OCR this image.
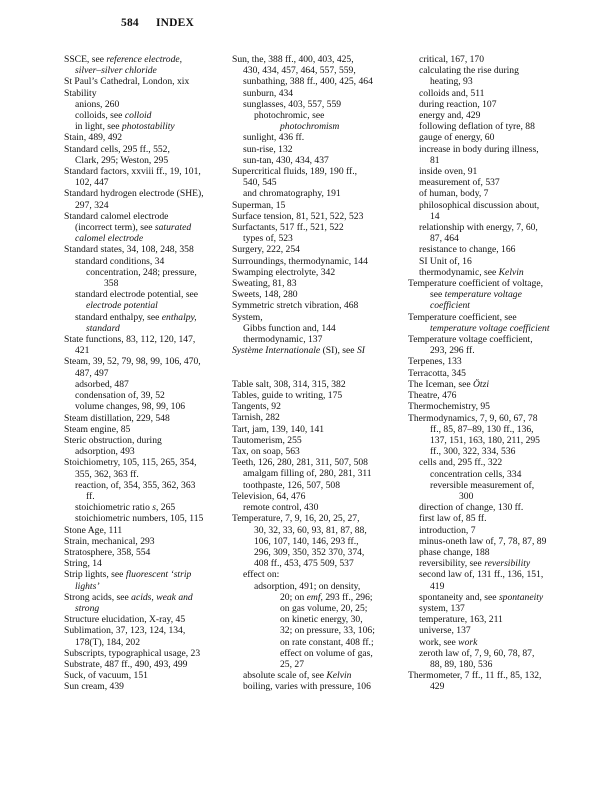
584 INDEX
SSCE, see reference electrode,
silver–silver chloride
St Paul’s Cathedral, London, xix
Stability
anions, 260
colloids, see colloid
in light, see photostability
Stain, 489, 492
Standard cells, 295 ff., 552,
Clark, 295; Weston, 295
Standard factors, xxviii ff., 19, 101,
102, 447
Standard hydrogen electrode (SHE),
297, 324
Standard calomel electrode
(incorrect term), see saturated
calomel electrode
Standard states, 34, 108, 248, 358
standard conditions, 34
concentration, 248; pressure,
358
standard electrode potential, see
electrode potential
standard enthalpy, see enthalpy,
standard
State functions, 83, 112, 120, 147,
421
Steam, 39, 52, 79, 98, 99, 106, 470,
487, 497
adsorbed, 487
condensation of, 39, 52
volume changes, 98, 99, 106
Steam distillation, 229, 548
Steam engine, 85
Steric obstruction, during
adsorption, 493
Stoichiometry, 105, 115, 265, 354,
355, 362, 363 ff.
reaction, of, 354, 355, 362, 363
ff.
stoichiometric ratio s, 265
stoichiometric numbers, 105, 115
Stone Age, 111
Strain, mechanical, 293
Stratosphere, 358, 554
String, 14
Strip lights, see fluorescent ‘strip
lights’
Strong acids, see acids, weak and
strong
Structure elucidation, X-ray, 45
Sublimation, 37, 123, 124, 134,
178(T), 184, 202
Subscripts, typographical usage, 23
Substrate, 487 ff., 490, 493, 499
Suck, of vacuum, 151
Sun cream, 439
Sun, the, 388 ff., 400, 403, 425,
430, 434, 457, 464, 557, 559,
sunbathing, 388 ff., 400, 425, 464
sunburn, 434
sunglasses, 403, 557, 559
photochromic, see
photochromism
sunlight, 436 ff.
sun-rise, 132
sun-tan, 430, 434, 437
Supercritical fluids, 189, 190 ff.,
540, 545
and chromatography, 191
Superman, 15
Surface tension, 81, 521, 522, 523
Surfactants, 517 ff., 521, 522
types of, 523
Surgery, 222, 254
Surroundings, thermodynamic, 144
Swamping electrolyte, 342
Sweating, 81, 83
Sweets, 148, 280
Symmetric stretch vibration, 468
System,
Gibbs function and, 144
thermodynamic, 137
Système Internationale (SI), see SI
Table salt, 308, 314, 315, 382
Tables, guide to writing, 175
Tangents, 92
Tarnish, 282
Tart, jam, 139, 140, 141
Tautomerism, 255
Tax, on soap, 563
Teeth, 126, 280, 281, 311, 507, 508
amalgam filling of, 280, 281, 311
toothpaste, 126, 507, 508
Television, 64, 476
remote control, 430
Temperature, 7, 9, 16, 20, 25, 27,
30, 32, 33, 60, 93, 81, 87, 88,
106, 107, 140, 146, 293 ff.,
296, 309, 350, 352 370, 374,
408 ff., 453, 475 509, 537
effect on:
adsorption, 491; on density,
20; on emf, 293 ff., 296;
on gas volume, 20, 25;
on kinetic energy, 30,
32; on pressure, 33, 106;
on rate constant, 408 ff.;
effect on volume of gas,
25, 27
absolute scale of, see Kelvin
boiling, varies with pressure, 106
critical, 167, 170
calculating the rise during
heating, 93
colloids and, 511
during reaction, 107
energy and, 429
following deflation of tyre, 88
gauge of energy, 60
increase in body during illness,
81
inside oven, 91
measurement of, 537
of human, body, 7
philosophical discussion about,
14
relationship with energy, 7, 60,
87, 464
resistance to change, 166
SI Unit of, 16
thermodynamic, see Kelvin
Temperature coefficient of voltage,
see temperature voltage
coefficient
Temperature coefficient, see
temperature voltage coefficient
Temperature voltage coefficient,
293, 296 ff.
Terpenes, 133
Terracotta, 345
The Iceman, see Ötzi
Theatre, 476
Thermochemistry, 95
Thermodynamics, 7, 9, 60, 67, 78
ff., 85, 87–89, 130 ff., 136,
137, 151, 163, 180, 211, 295
ff., 300, 322, 334, 536
cells and, 295 ff., 322
concentration cells, 334
reversible measurement of,
300
direction of change, 130 ff.
first law of, 85 ff.
introduction, 7
minus-oneth law of, 7, 78, 87, 89
phase change, 188
reversibility, see reversibility
second law of, 131 ff., 136, 151,
419
spontaneity and, see spontaneity
system, 137
temperature, 163, 211
universe, 137
work, see work
zeroth law of, 7, 9, 60, 78, 87,
88, 89, 180, 536
Thermometer, 7 ff., 11 ff., 85, 132,
429
